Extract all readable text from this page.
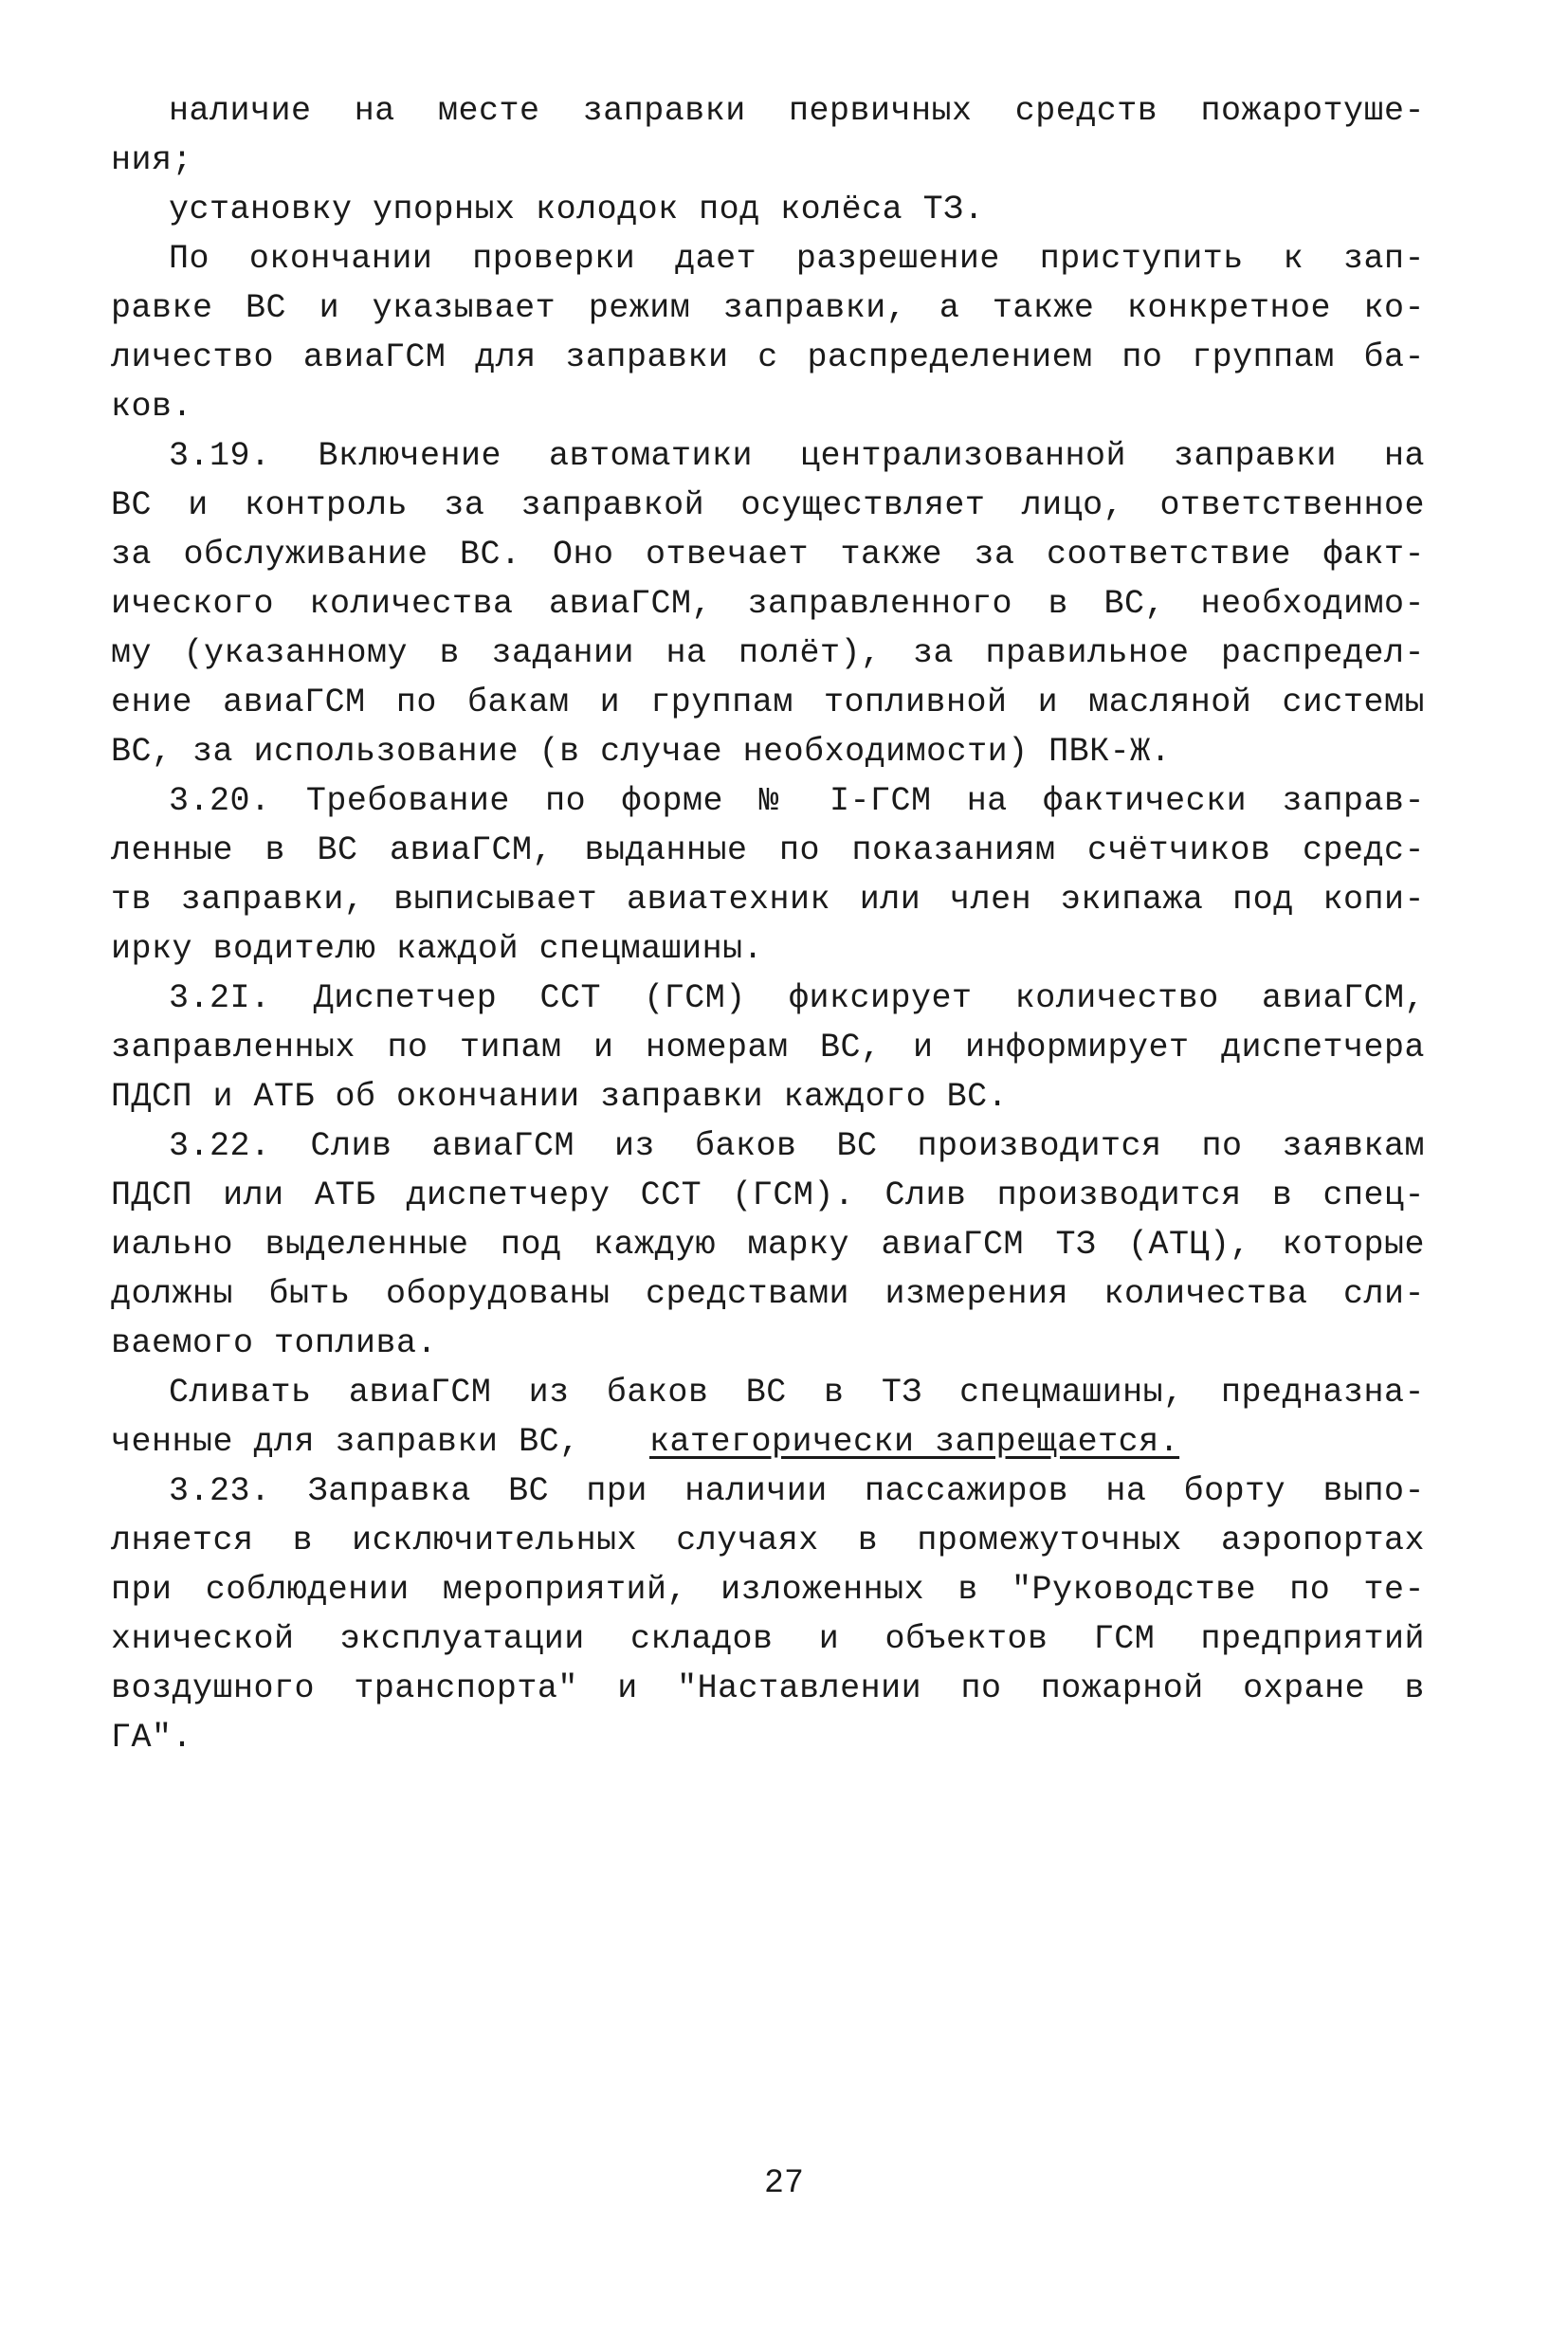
наличие на месте заправки первичных средств пожаротуше-
ния;
установку упорных колодок под колёса ТЗ.
По окончании проверки дает разрешение приступить к зап-
равке ВС и указывает режим заправки, а также конкретное ко-
личество авиаГСМ для заправки с распределением по группам ба-
ков.
3.19. Включение автоматики централизованной заправки на
ВС и контроль за заправкой осуществляет лицо, ответственное
за обслуживание ВС. Оно отвечает также за соответствие факт-
ического количества авиаГСМ, заправленного в ВС, необходимо-
му (указанному в задании на полёт), за правильное распредел-
ение авиаГСМ по бакам и группам топливной и масляной системы
ВС, за использование (в случае необходимости) ПВК-Ж.
3.20. Требование по форме № I-ГСМ на фактически заправ-
ленные в ВС авиаГСМ, выданные по показаниям счётчиков средс-
тв заправки, выписывает авиатехник или член экипажа под копи-
ирку водителю каждой спецмашины.
3.2I. Диспетчер ССТ (ГСМ) фиксирует количество авиаГСМ,
заправленных по типам и номерам ВС, и информирует диспетчера
ПДСП и АТБ об окончании заправки каждого ВС.
3.22. Слив авиаГСМ из баков ВС производится по заявкам
ПДСП или АТБ диспетчеру ССТ (ГСМ). Слив производится в спец-
иально выделенные под каждую марку авиаГСМ ТЗ (АТЦ), которые
должны быть оборудованы средствами измерения количества сли-
ваемого топлива.
Сливать авиаГСМ из баков ВС в ТЗ спецмашины, предназна-
ченные для заправки ВС, категорически запрещается.
3.23. Заправка ВС при наличии пассажиров на борту выпо-
лняется в исключительных случаях в промежуточных аэропортах
при соблюдении мероприятий, изложенных в "Руководстве по те-
хнической эксплуатации складов и объектов ГСМ предприятий
воздушного транспорта" и "Наставлении по пожарной охране в
ГА".
27
